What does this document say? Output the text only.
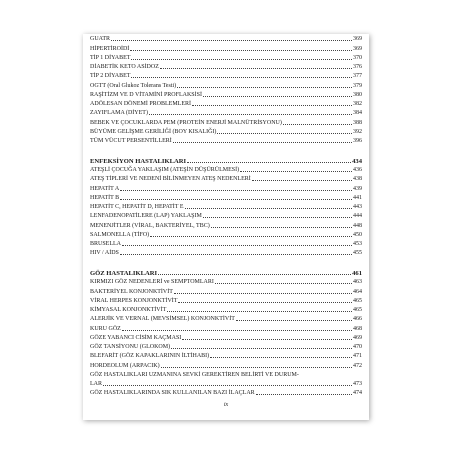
GUATR	369
HİPERTİROİDİ	369
TİP 1 DİYABET	370
DİABETİK KETO ASİDOZ	376
TİP 2 DİYABET	377
OGTT (Oral Glukoz Tolerans Testi)	379
RAŞİTİZM VE D VİTAMİNİ PROFLAKSİSİ	380
ADÖLESAN DÖNEMİ PROBLEMLERİ	382
ZAYIFLAMA (DİYET)	384
BEBEK VE ÇOCUKLARDA PEM (PROTEİN ENERJİ MALNÜTRİSYONU)	388
BÜYÜME GELİŞME GERİLİĞİ (BOY KISALIĞI)	392
TÜM VÜCUT PERSENTİLLERİ	396
ENFEKSİYON HASTALIKLARI	434
ATEŞLİ ÇOCUĞA YAKLAŞIM (ATEŞİN DÜŞÜRÜLMESİ)	436
ATEŞ TİPLERİ VE NEDENİ BİLİNMEYEN ATEŞ NEDENLERİ	438
HEPATİT A	439
HEPATİT B	441
HEPATİT C, HEPATİT D, HEPATİT E	443
LENFADENOPATİLERE (LAP) YAKLAŞIM	444
MENENJİTLER (VİRAL, BAKTERİYEL, TBC)	448
SALMONELLA (TİFO)	450
BRUSELLA	453
HIV / AİDS	455
GÖZ HASTALIKLARI	461
KIRMIZI GÖZ NEDENLERİ ve SEMPTOMLARI	463
BAKTERİYEL KONJONKTİVİT	464
VİRAL HERPES KONJONKTİVİT	465
KİMYASAL KONJONKTİVİT	465
ALERJİK VE VERNAL (MEVSİMSEL) KONJONKTİVİT	466
KURU GÖZ	468
GÖZE YABANCI CİSİM KAÇMASI	469
GÖZ TANSİYONU (GLOKOM)	470
BLEFARİT (GÖZ KAPAKLARININ İLTİHABI)	471
HORDEOLUM (ARPACIK)	472
GÖZ HASTALIKLARI UZMANINA SEVKİ GEREKTİREN BELİRTİ VE DURUM-
LAR	473
GÖZ HASTALIKLARINDA SIK KULLANILAN BAZI İLAÇLAR	474
ix
